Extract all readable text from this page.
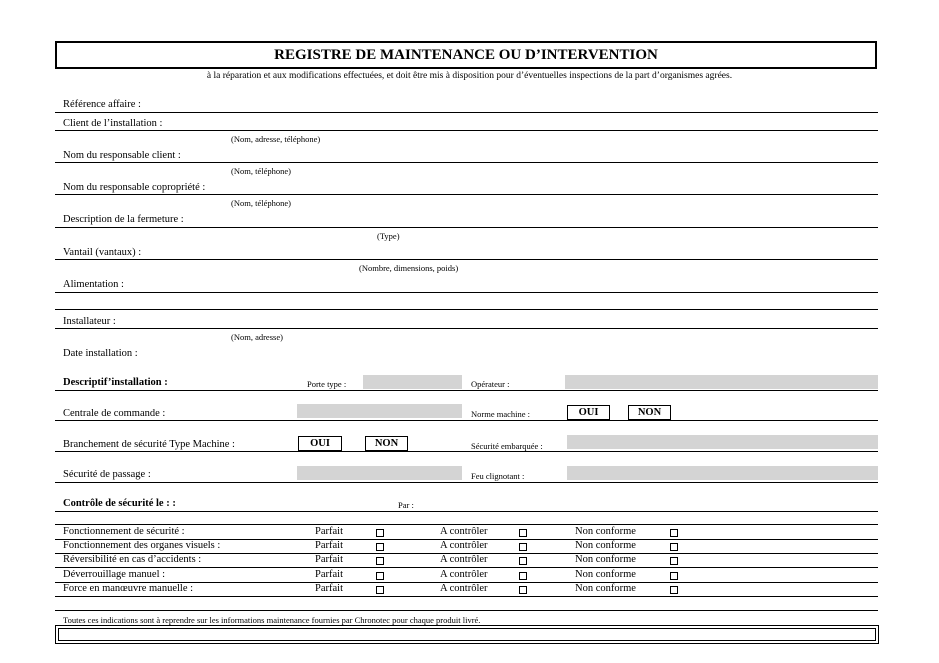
REGISTRE DE MAINTENANCE OU D’INTERVENTION
à la réparation et aux modifications effectuées, et doit être mis à disposition pour d’éventuelles inspections de la part d’organismes agrées.
Référence affaire :
Client de l’installation :
(Nom, adresse, téléphone)
Nom du responsable client :
(Nom, téléphone)
Nom du responsable copropriété :
(Nom, téléphone)
Description de la fermeture :
(Type)
Vantail (vantaux) :
(Nombre, dimensions, poids)
Alimentation :
Installateur :
(Nom, adresse)
Date installation :
Descriptif’installation :	Porte type :	Opérateur :
Centrale de commande :	Norme machine :	OUI	NON
Branchement de sécurité Type Machine :	OUI	NON	Sécurité embarquée :
Sécurité de passage :	Feu clignotant :
Contrôle de sécurité le : :	Par :
Fonctionnement de sécurité :	Parfait	A contrôler	Non conforme
Fonctionnement des organes visuels :	Parfait	A contrôler	Non conforme
Réversibilité en cas d’accidents :	Parfait	A contrôler	Non conforme
Déverrouillage manuel :	Parfait	A contrôler	Non conforme
Force en manœuvre manuelle :	Parfait	A contrôler	Non conforme
Toutes ces indications sont à reprendre sur les informations maintenance fournies par Chronotec pour chaque produit livré.
